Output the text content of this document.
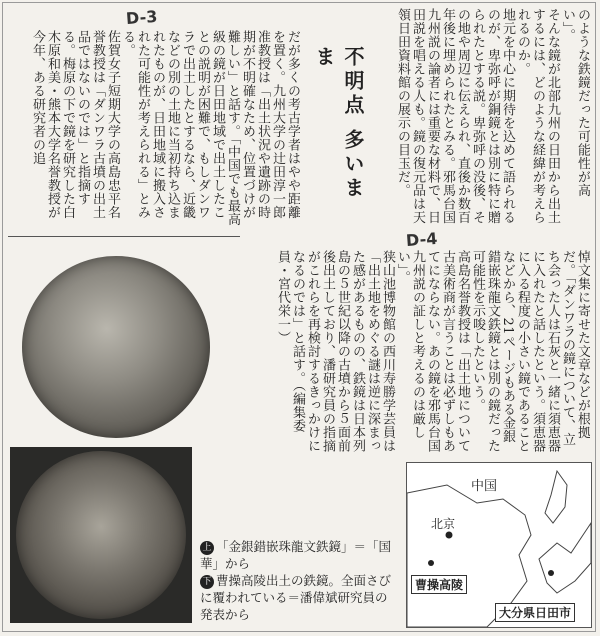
のような鉄鏡だった可能性が高い」。
そんな鏡が北部九州の日田から出土するには、どのような経緯が考えられるのか。
地元を中心に期待を込めて語られるのが、卑弥呼が銅鏡とは別に特に贈られたとする説。卑弥呼の没後、その地や周辺に伝えられ、直後か数百年後に埋められたとみる。邪馬台国九州説の論者には重要な材料で、日田説を唱える人も。鏡の復元品は天領日田資料館の展示の目玉だ。
不明点 多いまま
D-3
だが多くの考古学者はやや距離を置く。九州大学の辻田淳一郎准教授は「出土状況や遺跡の時期が不明確なため、位置づけが難しい」と話す。「中国でも最高級の鏡が日田地域で出土したことの説明が困難で、もしダンワラで出土したとするなら、近畿などの別の土地に当初持ち込まれたものが、日田地域に搬入された可能性が考えられる」とみる。
佐賀女子短期大学の高島忠平名誉教授は「ダンワラ古墳の出土品ではないのでは」と指摘する。梅原の下で鏡を研究した白木原和美・熊本大学名誉教授が今年、ある研究者の追
D-4
悼文集に寄せた文章などが根拠だ。「ダンワラの鏡について、立ち会った人は石灰と一緒に須恵器に入れたと話したという。須恵器に入る程度の小さい鏡であることなどから、21ページもある金銀錯嵌珠龍文鉄鏡とは別の鏡だった可能性を示唆したという。
高島名誉教授は「出土地について古美術商が言うことは必ずしもあてにならない。あの鏡を邪馬台国九州説の証しと考えるのは厳しい」。
狭山池博物館の西川寿勝学芸員は「出土地をめぐる謎は逆に深まった感があるものの、鉄鏡は日本列島の５世紀以降の古墳から５面前後出土しており、潘研究員の指摘がこれらを再検討するきっかけになるのでは」と話す。（編集委員・宮代栄一）
上 「金銀錯嵌珠龍文鉄鏡」＝「国華」から
下 曹操高陵出土の鉄鏡。全面さびに覆われている＝潘偉斌研究員の発表から
中国
北京
曹操高陵
大分県日田市
